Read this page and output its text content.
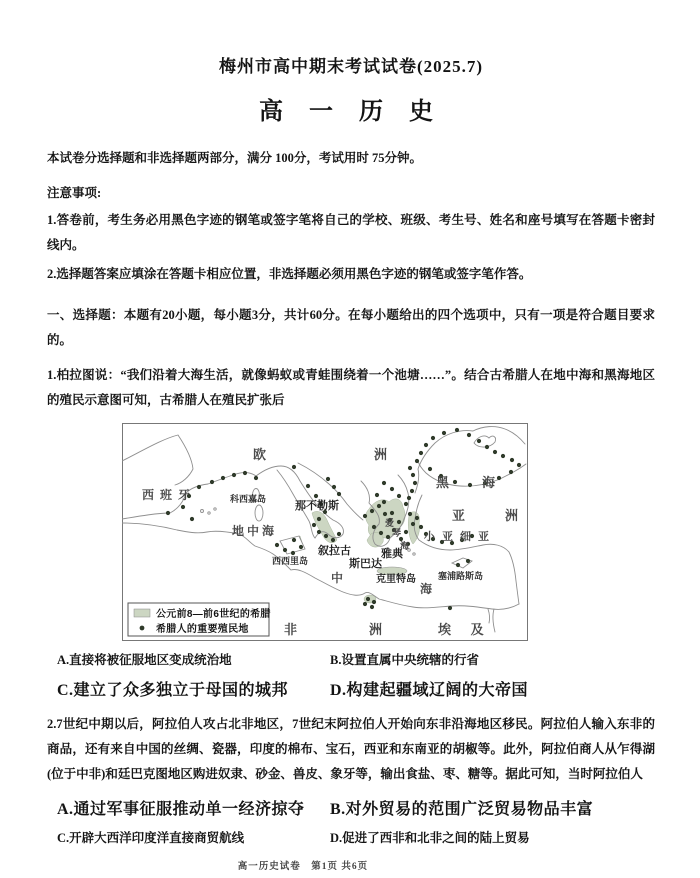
梅州市高中期末考试试卷(2025.7)
高 一 历 史

本试卷分选择题和非选择题两部分，满分 100分，考试用时 75分钟。

注意事项:

1.答卷前，考生务必用黑色字迹的钢笔或签字笔将自己的学校、班级、考生号、姓名和座号填写在答题卡密封线内。

2.选择题答案应填涂在答题卡相应位置，非选择题必须用黑色字迹的钢笔或签字笔作答。

一、选择题：本题有20小题，每小题3分，共计60分。在每小题给出的四个选项中，只有一项是符合题目要求的。

1.柏拉图说：“我们沿着大海生活，就像蚂蚁或青蛙围绕着一个池塘……”。结合古希腊人在地中海和黑海地区的殖民示意图可知，古希腊人在殖民扩张后

欧	洲
黑	海
西班牙	科西嘉岛
那不勒斯
地中海
叙拉古
西西里岛	斯巴达
雅典
爱
琴
海
亚	洲
小亚细亚
克里特岛 塞浦路斯岛
中
海
非	洲	埃 及
公元前8—前6世纪的希腊
希腊人的重要殖民地
A.直接将被征服地区变成统治地	B.设置直属中央统辖的行省
C.建立了众多独立于母国的城邦	D.构建起疆域辽阔的大帝国

2.7世纪中期以后，阿拉伯人攻占北非地区，7世纪末阿拉伯人开始向东非沿海地区移民。阿拉伯人输入东非的商品，还有来自中国的丝绸、瓷器，印度的棉布、宝石，西亚和东南亚的胡椒等。此外，阿拉伯商人从乍得湖(位于中非)和廷巴克图地区购进奴隶、砂金、兽皮、象牙等，输出食盐、枣、糖等。据此可知，当时阿拉伯人

A.通过军事征服推动单一经济掠夺	B.对外贸易的范围广泛贸易物品丰富
C.开辟大西洋印度洋直接商贸航线	D.促进了西非和北非之间的陆上贸易
高一历史试卷　第1页 共6页
